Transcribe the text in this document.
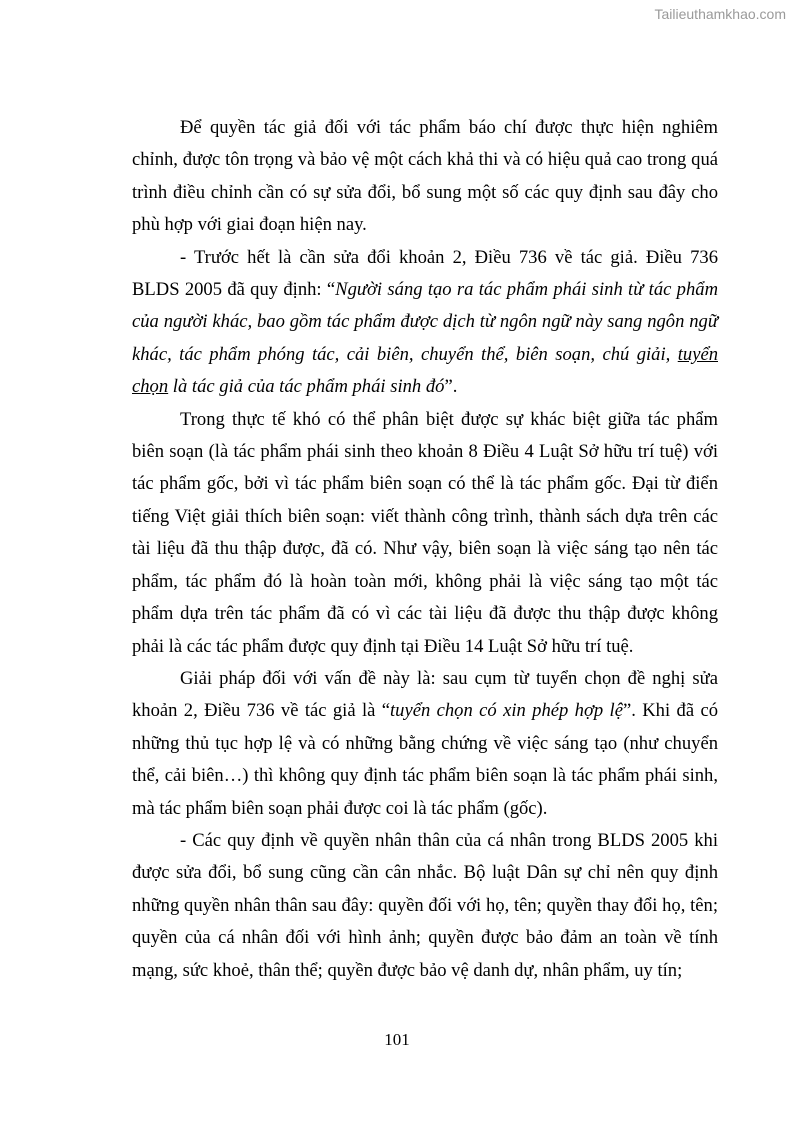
Tailieuthamkhao.com

Để quyền tác giả đối với tác phẩm báo chí được thực hiện nghiêm chỉnh, được tôn trọng và bảo vệ một cách khả thi và có hiệu quả cao trong quá trình điều chỉnh cần có sự sửa đổi, bổ sung một số các quy định sau đây cho phù hợp với giai đoạn hiện nay.

- Trước hết là cần sửa đổi khoản 2, Điều 736 về tác giả. Điều 736 BLDS 2005 đã quy định: “Người sáng tạo ra tác phẩm phái sinh từ tác phẩm của người khác, bao gồm tác phẩm được dịch từ ngôn ngữ này sang ngôn ngữ khác, tác phẩm phóng tác, cải biên, chuyển thể, biên soạn, chú giải, tuyển chọn là tác giả của tác phẩm phái sinh đó”.

Trong thực tế khó có thể phân biệt được sự khác biệt giữa tác phẩm biên soạn (là tác phẩm phái sinh theo khoản 8 Điều 4 Luật Sở hữu trí tuệ) với tác phẩm gốc, bởi vì tác phẩm biên soạn có thể là tác phẩm gốc. Đại từ điển tiếng Việt giải thích biên soạn: viết thành công trình, thành sách dựa trên các tài liệu đã thu thập được, đã có. Như vậy, biên soạn là việc sáng tạo nên tác phẩm, tác phẩm đó là hoàn toàn mới, không phải là việc sáng tạo một tác phẩm dựa trên tác phẩm đã có vì các tài liệu đã được thu thập được không phải là các tác phẩm được quy định tại Điều 14 Luật Sở hữu trí tuệ.

Giải pháp đối với vấn đề này là: sau cụm từ tuyển chọn đề nghị sửa khoản 2, Điều 736 về tác giả là “tuyển chọn có xin phép hợp lệ”. Khi đã có những thủ tục hợp lệ và có những bằng chứng về việc sáng tạo (như chuyển thể, cải biên…) thì không quy định tác phẩm biên soạn là tác phẩm phái sinh, mà tác phẩm biên soạn phải được coi là tác phẩm (gốc).

- Các quy định về quyền nhân thân của cá nhân trong BLDS 2005 khi được sửa đổi, bổ sung cũng cần cân nhắc. Bộ luật Dân sự chỉ nên quy định những quyền nhân thân sau đây: quyền đối với họ, tên; quyền thay đổi họ, tên; quyền của cá nhân đối với hình ảnh; quyền được bảo đảm an toàn về tính mạng, sức khoẻ, thân thể; quyền được bảo vệ danh dự, nhân phẩm, uy tín;

101
